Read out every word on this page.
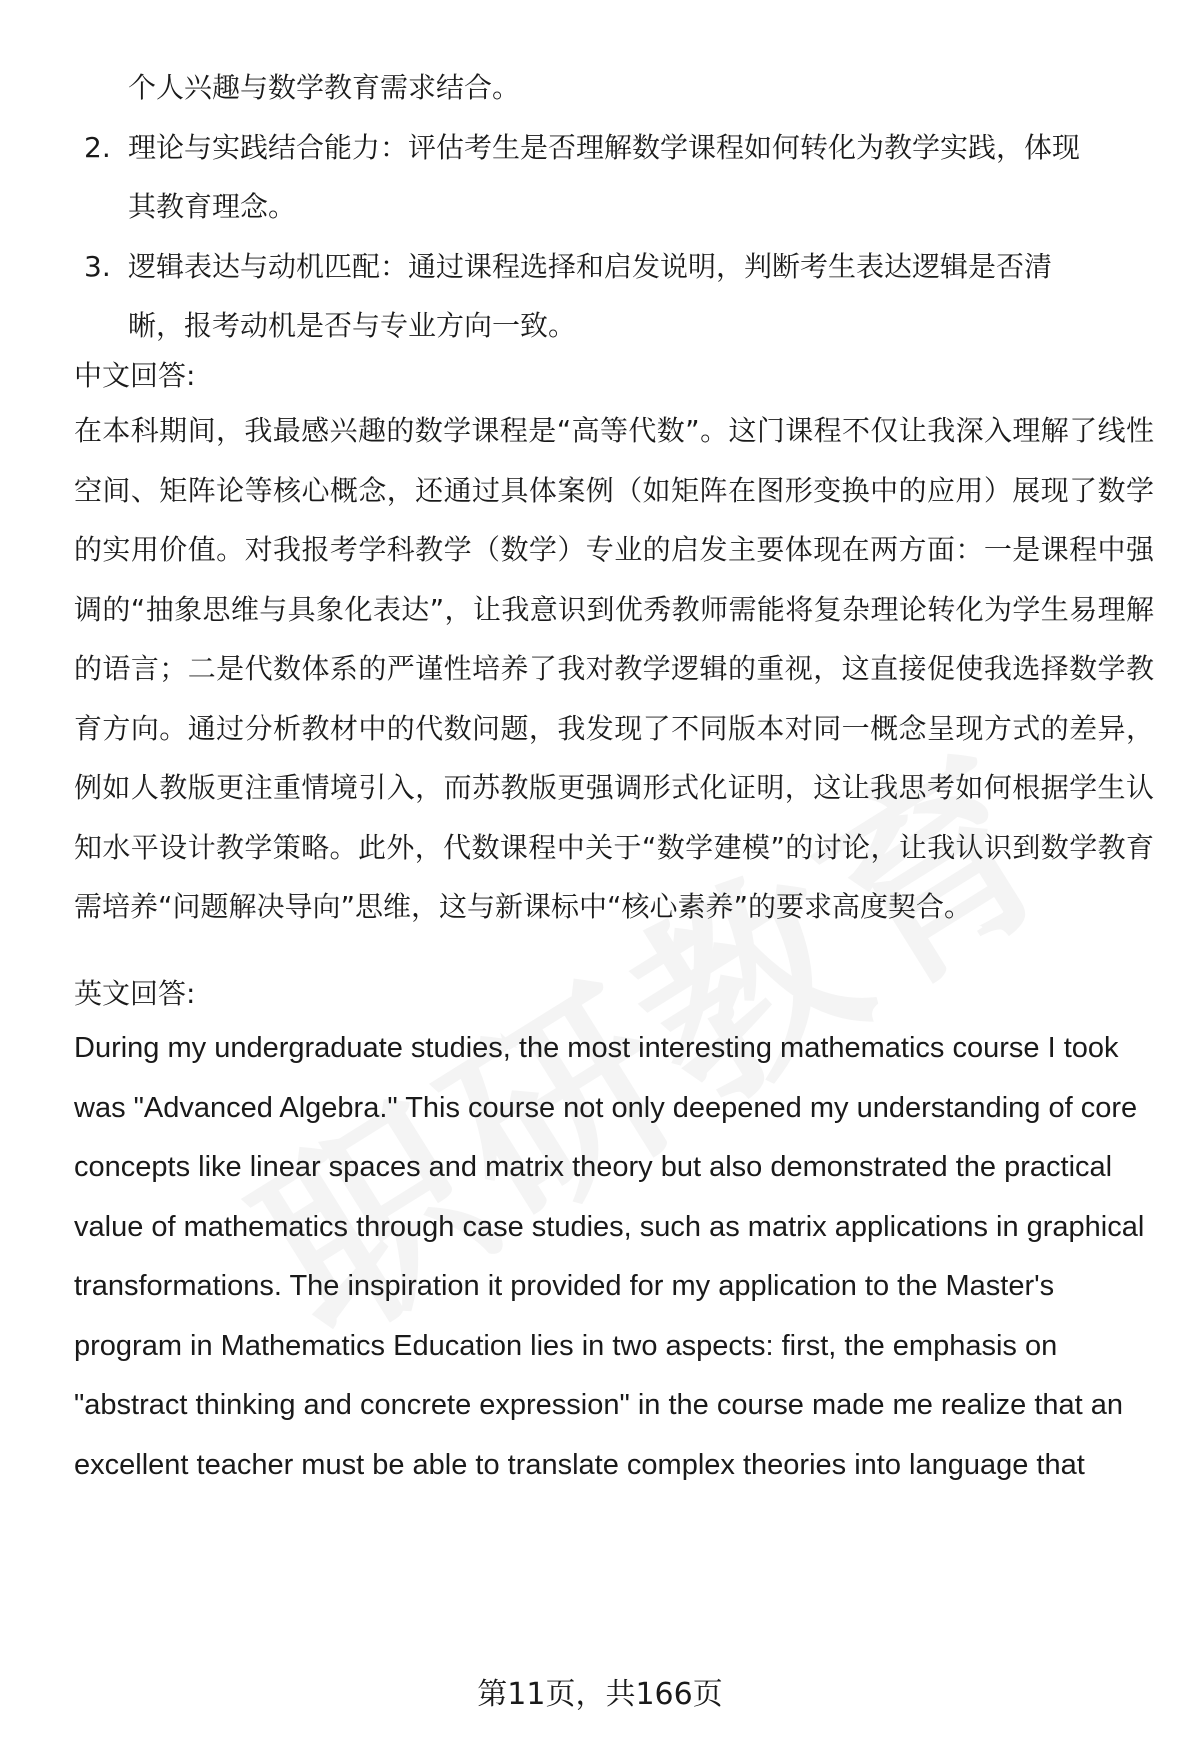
个人兴趣与数学教育需求结合。

2. 理论与实践结合能力：评估考生是否理解数学课程如何转化为教学实践，体现

其教育理念。

3. 逻辑表达与动机匹配：通过课程选择和启发说明，判断考生表达逻辑是否清

晰，报考动机是否与专业方向一致。

中文回答:

在本科期间，我最感兴趣的数学课程是“高等代数”。这门课程不仅让我深入理解了线性空间、矩阵论等核心概念，还通过具体案例（如矩阵在图形变换中的应用）展现了数学的实用价值。对我报考学科教学（数学）专业的启发主要体现在两方面：一是课程中强调的“抽象思维与具象化表达”，让我意识到优秀教师需能将复杂理论转化为学生易理解的语言；二是代数体系的严谨性培养了我对教学逻辑的重视，这直接促使我选择数学教育方向。通过分析教材中的代数问题，我发现了不同版本对同一概念呈现方式的差异，例如人教版更注重情境引入，而苏教版更强调形式化证明，这让我思考如何根据学生认知水平设计教学策略。此外，代数课程中关于“数学建模”的讨论，让我认识到数学教育需培养“问题解决导向”思维，这与新课标中“核心素养”的要求高度契合。

英文回答:

During my undergraduate studies, the most interesting mathematics course I took was "Advanced Algebra." This course not only deepened my understanding of core concepts like linear spaces and matrix theory but also demonstrated the practical value of mathematics through case studies, such as matrix applications in graphical transformations. The inspiration it provided for my application to the Master's program in Mathematics Education lies in two aspects: first, the emphasis on "abstract thinking and concrete expression" in the course made me realize that an excellent teacher must be able to translate complex theories into language that

第11页，共166页
